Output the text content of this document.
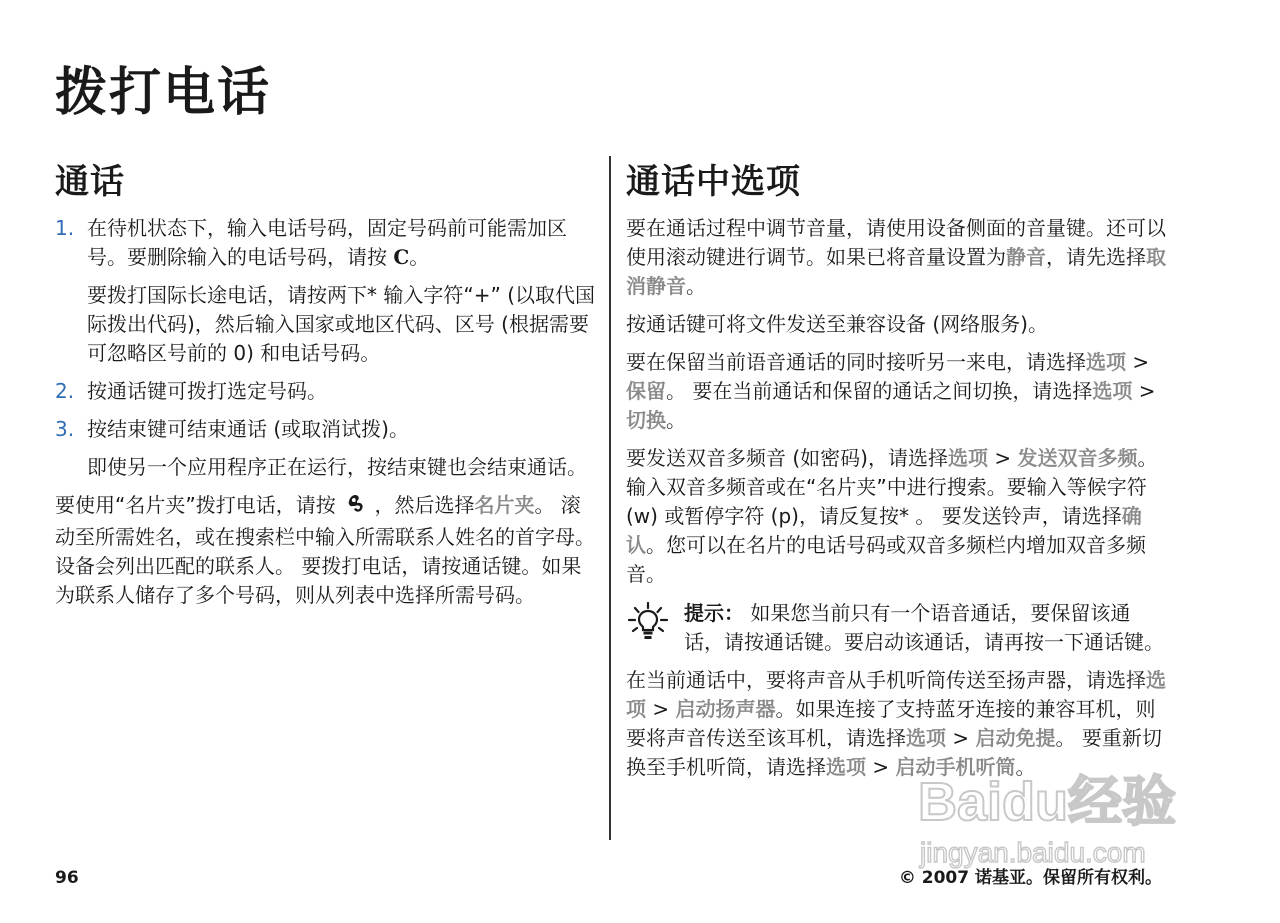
拨打电话
通话

1. 在待机状态下，输入电话号码，固定号码前可能需加区号。要删除输入的电话号码，请按 C。

要拨打国际长途电话，请按两下* 输入字符“+” (以取代国际拨出代码)，然后输入国家或地区代码、区号 (根据需要可忽略区号前的 0) 和电话号码。

2. 按通话键可拨打选定号码。

3. 按结束键可结束通话 (或取消试拨)。

即使另一个应用程序正在运行，按结束键也会结束通话。

要使用“名片夹”拨打电话，请按 ，然后选择名片夹。 滚动至所需姓名，或在搜索栏中输入所需联系人姓名的首字母。设备会列出匹配的联系人。 要拨打电话，请按通话键。如果为联系人储存了多个号码，则从列表中选择所需号码。

通话中选项

要在通话过程中调节音量，请使用设备侧面的音量键。还可以使用滚动键进行调节。如果已将音量设置为静音，请先选择取消静音。

按通话键可将文件发送至兼容设备 (网络服务)。

要在保留当前语音通话的同时接听另一来电，请选择选项 > 保留。 要在当前通话和保留的通话之间切换，请选择选项 > 切换。

要发送双音多频音 (如密码)，请选择选项 > 发送双音多频。 输入双音多频音或在“名片夹”中进行搜索。要输入等候字符 (w) 或暂停字符 (p)，请反复按* 。 要发送铃声，请选择确认。您可以在名片的电话号码或双音多频栏内增加双音多频音。

提示： 如果您当前只有一个语音通话，要保留该通话，请按通话键。要启动该通话，请再按一下通话键。

在当前通话中，要将声音从手机听筒传送至扬声器，请选择选项 > 启动扬声器。如果连接了支持蓝牙连接的兼容耳机，则要将声音传送至该耳机，请选择选项 > 启动免提。 要重新切换至手机听筒，请选择选项 > 启动手机听筒。

Baidu经验
jingyan.baidu.com

96	© 2007 诺基亚。保留所有权利。
